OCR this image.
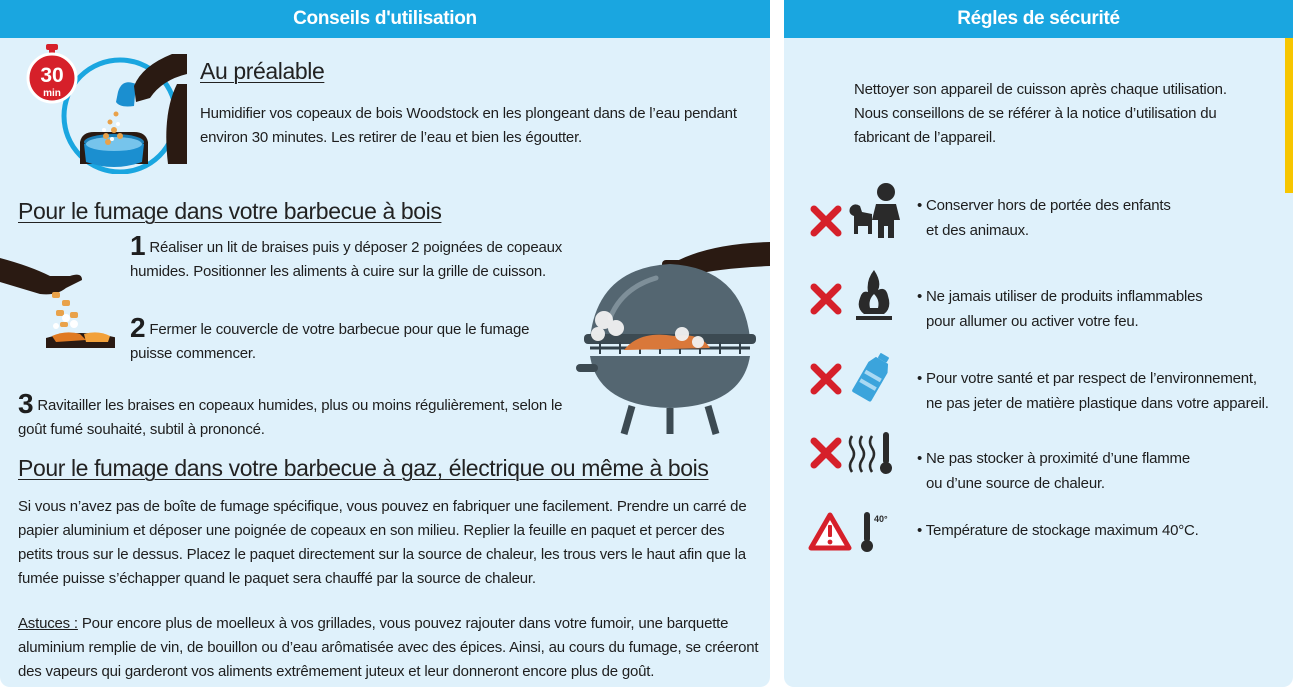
Conseils d'utilisation
30
min
Au préalable
Humidifier vos copeaux de bois Woodstock en les plongeant dans de l’eau pendant environ 30 minutes. Les retirer de l’eau et bien les égoutter.
Pour le fumage dans votre barbecue à bois
1 Réaliser un lit de braises puis y déposer 2 poignées de copeaux humides. Positionner les aliments à cuire sur la grille de cuisson.
2 Fermer le couvercle de votre barbecue pour que le fumage puisse commencer.
3 Ravitailler les braises en copeaux humides, plus ou moins régulièrement, selon le goût fumé souhaité, subtil à prononcé.
Pour le fumage dans votre barbecue à gaz, électrique ou même à bois
Si vous n’avez pas de boîte de fumage spécifique, vous pouvez en fabriquer une facilement. Prendre un carré de papier aluminium et déposer une poignée de copeaux en son milieu. Replier la feuille en paquet et percer des petits trous sur le dessus. Placez le paquet directement sur la source de chaleur, les trous vers le haut afin que la fumée puisse s’échapper quand le paquet sera chauffé par la source de chaleur.
Astuces : Pour encore plus de moelleux à vos grillades, vous pouvez rajouter dans votre fumoir, une barquette aluminium remplie de vin, de bouillon ou d’eau arômatisée avec des épices. Ainsi, au cours du fumage, se créeront des vapeurs qui garderont vos aliments extrêmement juteux et leur donneront encore plus de goût.
Régles de sécurité
Nettoyer son appareil de cuisson après chaque utilisation. Nous conseillons de se référer à la notice d’utilisation du fabricant de l’appareil.
• Conserver hors de portée des enfants
et des animaux.
• Ne jamais utiliser de produits inflammables
pour allumer ou activer votre feu.
• Pour votre santé et par respect de l’environnement,
ne pas jeter de matière plastique dans votre appareil.
• Ne pas stocker à proximité d’une flamme
ou d’une source de chaleur.
40°
• Température de stockage maximum 40°C.
